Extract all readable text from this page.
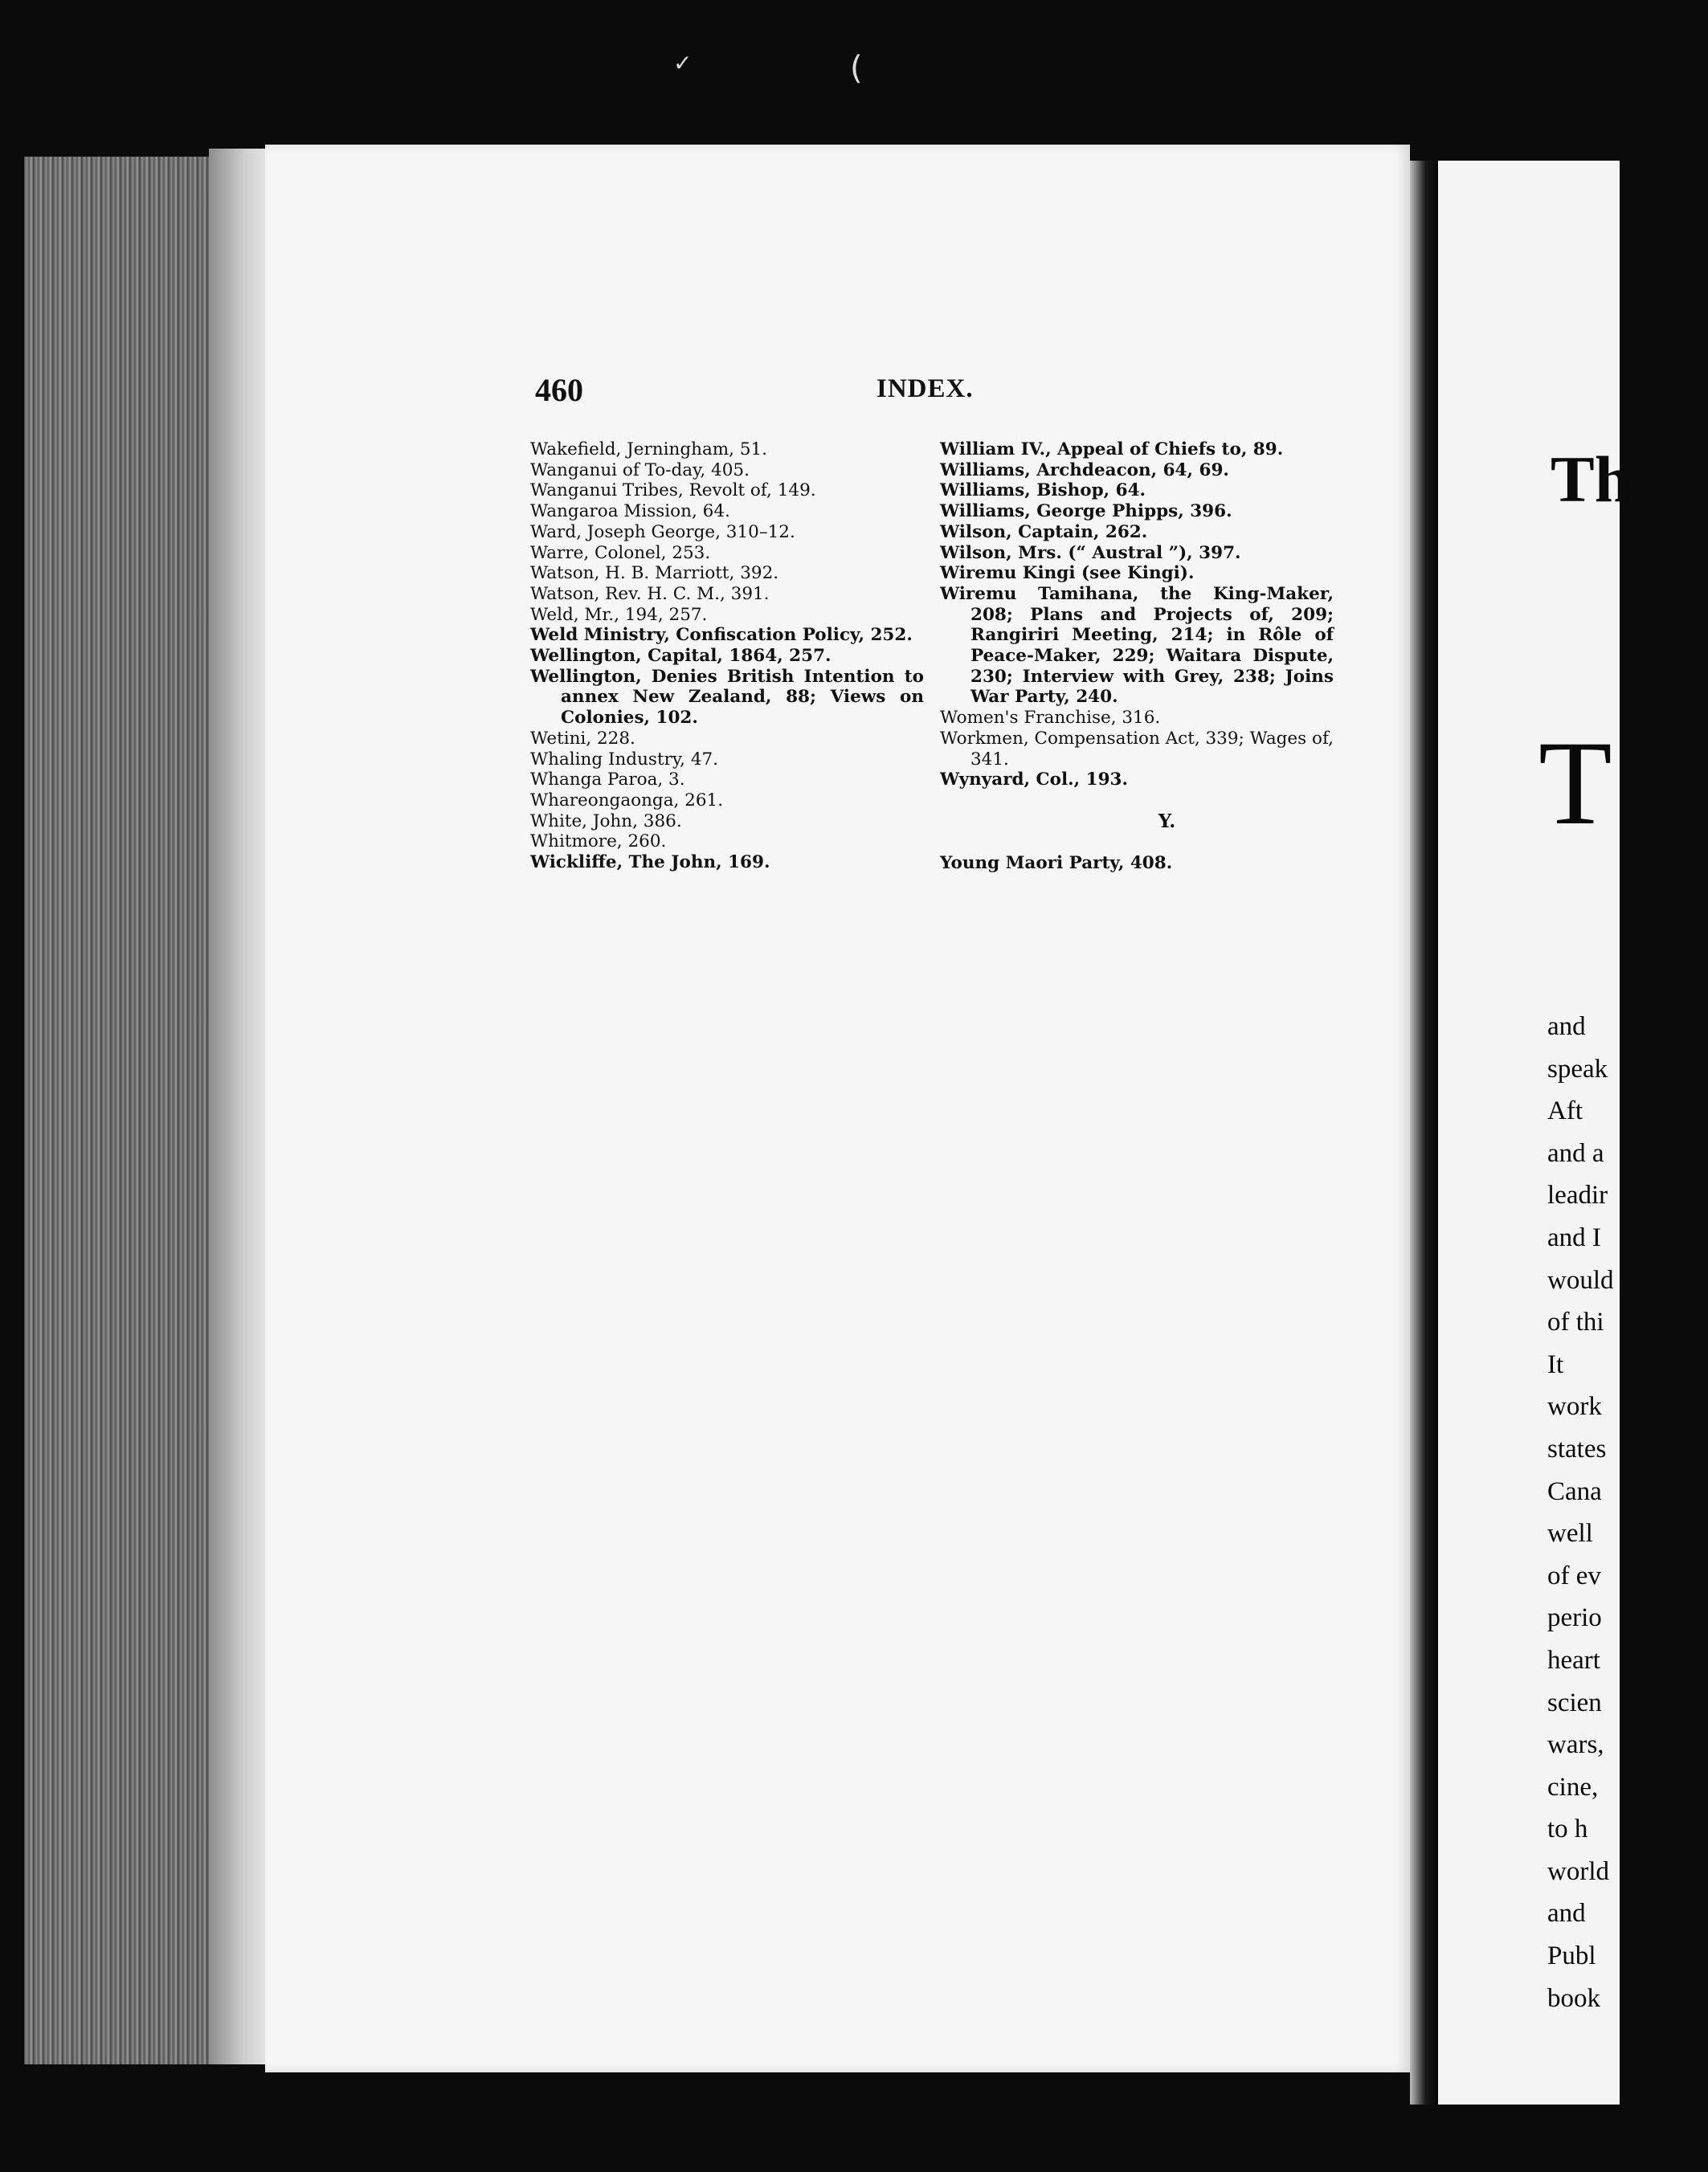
✓	(
Th
T
and
speak
Aft
and a
leadir
and I
would
of thi
It
work
states
Cana
well
of ev
perio
heart
scien
wars,
cine,
to h
world
and
Publ
book
460	INDEX.
Wakefield, Jerningham, 51.
Wanganui of To-day, 405.
Wanganui Tribes, Revolt of, 149.
Wangaroa Mission, 64.
Ward, Joseph George, 310–12.
Warre, Colonel, 253.
Watson, H. B. Marriott, 392.
Watson, Rev. H. C. M., 391.
Weld, Mr., 194, 257.
Weld Ministry, Confiscation Policy, 252.
Wellington, Capital, 1864, 257.
Wellington, Denies British Intention to annex New Zealand, 88; Views on Colonies, 102.
Wetini, 228.
Whaling Industry, 47.
Whanga Paroa, 3.
Whareongaonga, 261.
White, John, 386.
Whitmore, 260.
Wickliffe, The John, 169.
William IV., Appeal of Chiefs to, 89.
Williams, Archdeacon, 64, 69.
Williams, Bishop, 64.
Williams, George Phipps, 396.
Wilson, Captain, 262.
Wilson, Mrs. (“ Austral ”), 397.
Wiremu Kingi (see Kingi).
Wiremu Tamihana, the King-Maker, 208; Plans and Projects of, 209; Rangiriri Meeting, 214; in Rôle of Peace-Maker, 229; Waitara Dispute, 230; Interview with Grey, 238; Joins War Party, 240.
Women's Franchise, 316.
Workmen, Compensation Act, 339; Wages of, 341.
Wynyard, Col., 193.
Y.
Young Maori Party, 408.
